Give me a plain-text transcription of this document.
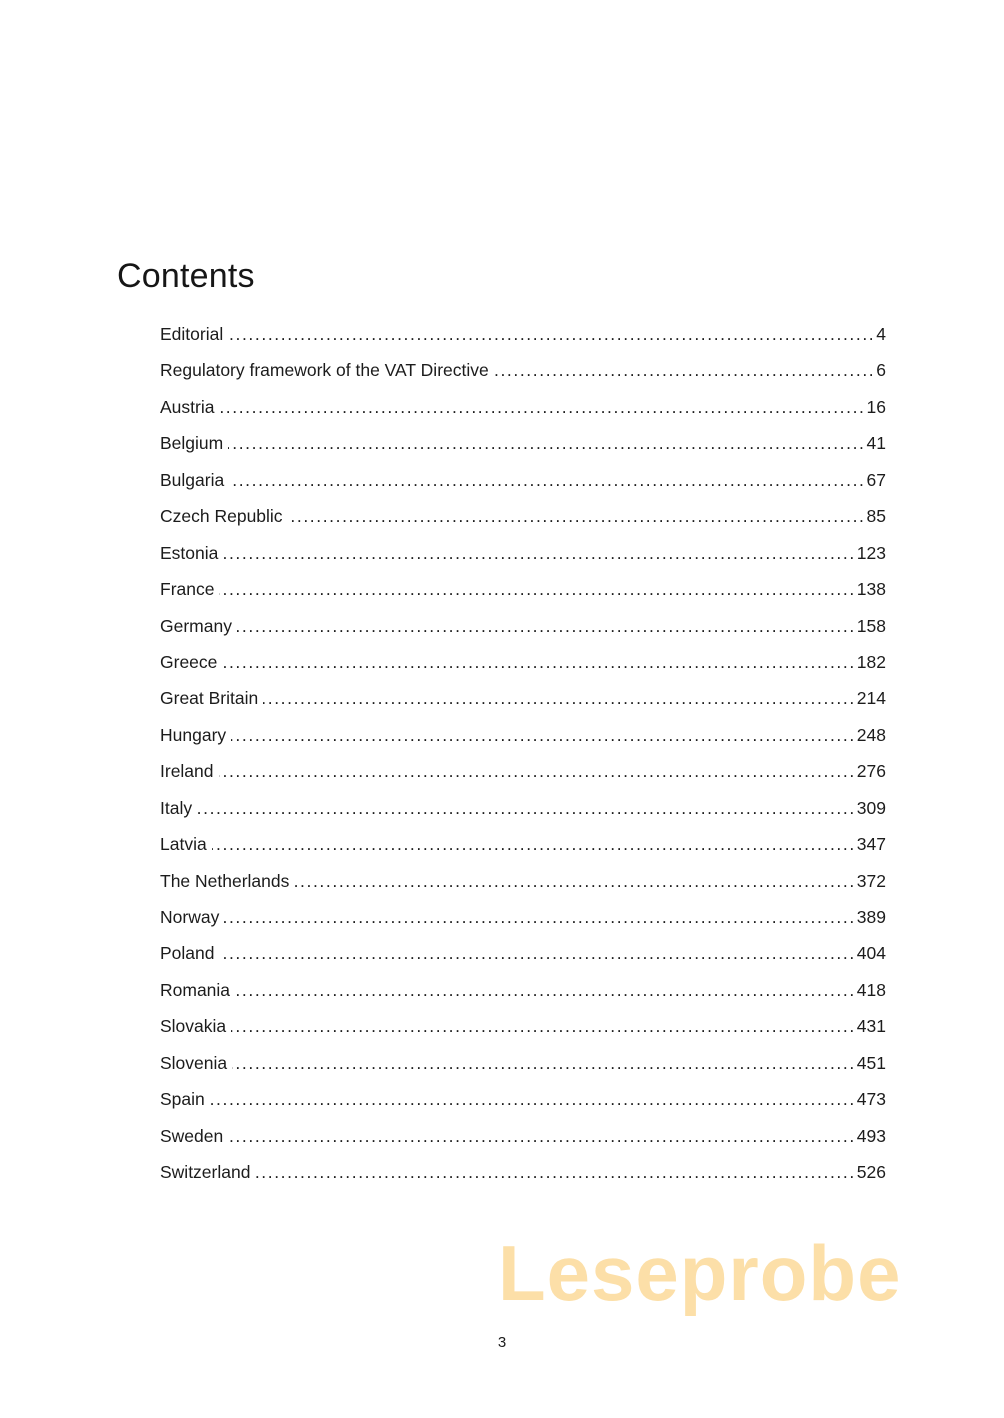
Contents
Editorial .....	4
Regulatory framework of the VAT Directive .....	6
Austria .....	16
Belgium .....	41
Bulgaria .....	67
Czech Republic .....	85
Estonia .....	123
France .....	138
Germany .....	158
Greece .....	182
Great Britain .....	214
Hungary .....	248
Ireland .....	276
Italy .....	309
Latvia .....	347
The Netherlands .....	372
Norway .....	389
Poland .....	404
Romania .....	418
Slovakia .....	431
Slovenia .....	451
Spain .....	473
Sweden .....	493
Switzerland .....	526
Leseprobe
3
